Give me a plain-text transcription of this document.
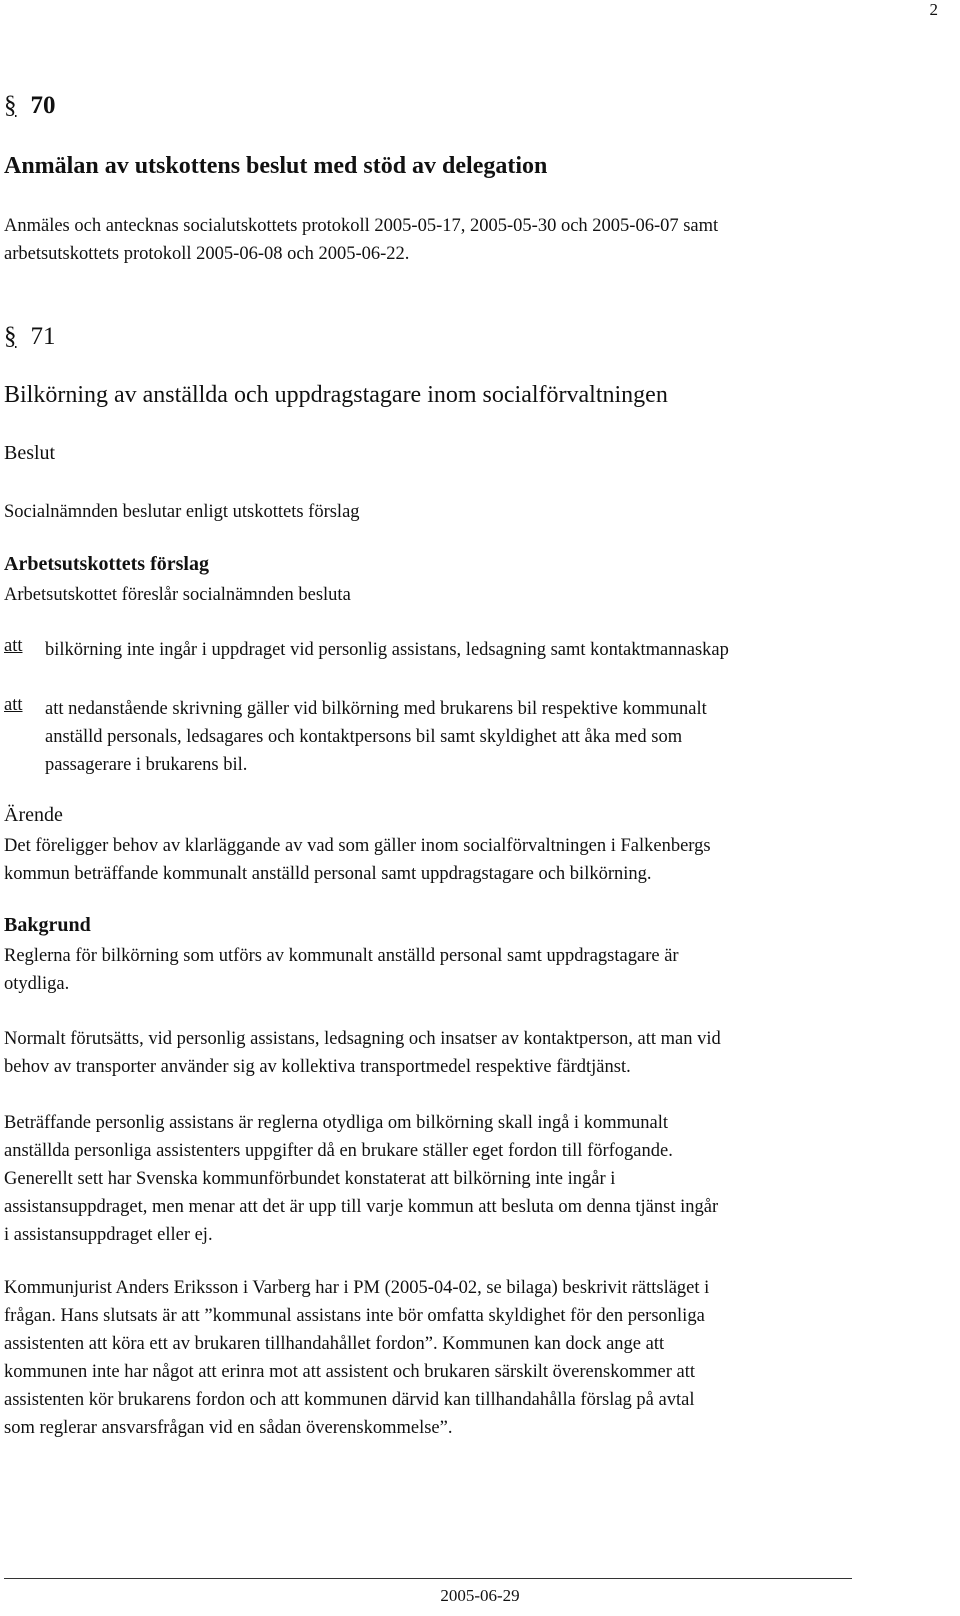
2
§ 70
Anmälan av utskottens beslut med stöd av delegation
Anmäles och antecknas socialutskottets protokoll 2005-05-17, 2005-05-30 och 2005-06-07 samt
arbetsutskottets protokoll 2005-06-08 och 2005-06-22.
§ 71
Bilkörning av anställda och uppdragstagare inom socialförvaltningen
Beslut
Socialnämnden beslutar enligt utskottets förslag
Arbetsutskottets förslag
Arbetsutskottet föreslår socialnämnden besluta
att bilkörning inte ingår i uppdraget vid personlig assistans, ledsagning samt kontaktmannaskap
att att nedanstående skrivning gäller vid bilkörning med brukarens bil respektive kommunalt
anställd personals, ledsagares och kontaktpersons bil samt skyldighet att åka med som
passagerare i brukarens bil.
Ärende
Det föreligger behov av klarläggande av vad som gäller inom socialförvaltningen i Falkenbergs
kommun beträffande kommunalt anställd personal samt uppdragstagare och bilkörning.
Bakgrund
Reglerna för bilkörning som utförs av kommunalt anställd personal samt uppdragstagare är
otydliga.
Normalt förutsätts, vid personlig assistans, ledsagning och insatser av kontaktperson, att man vid
behov av transporter använder sig av kollektiva transportmedel respektive färdtjänst.
Beträffande personlig assistans är reglerna otydliga om bilkörning skall ingå i kommunalt
anställda personliga assistenters uppgifter då en brukare ställer eget fordon till förfogande.
Generellt sett har Svenska kommunförbundet konstaterat att bilkörning inte ingår i
assistansuppdraget, men menar att det är upp till varje kommun att besluta om denna tjänst ingår
i assistansuppdraget eller ej.
Kommunjurist Anders Eriksson i Varberg har i PM (2005-04-02, se bilaga) beskrivit rättsläget i
frågan. Hans slutsats är att ”kommunal assistans inte bör omfatta skyldighet för den personliga
assistenten att köra ett av brukaren tillhandahållet fordon”. Kommunen kan dock ange att
kommunen inte har något att erinra mot att assistent och brukaren särskilt överenskommer att
assistenten kör brukarens fordon och att kommunen därvid kan tillhandahålla förslag på avtal
som reglerar ansvarsfrågan vid en sådan överenskommelse”.
2005-06-29
